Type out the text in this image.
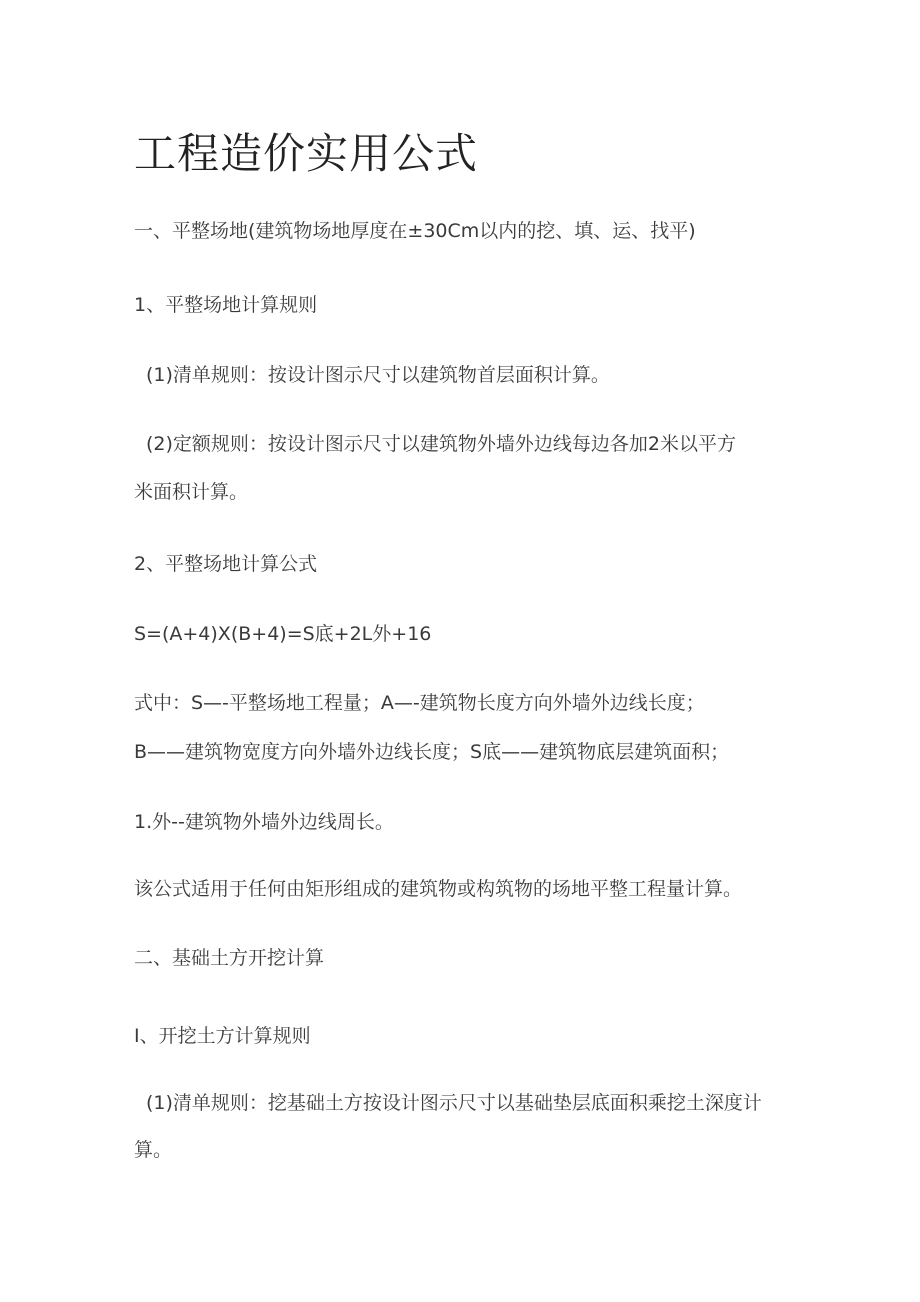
工程造价实用公式
一、平整场地(建筑物场地厚度在±30Cm以内的挖、填、运、找平)
1、平整场地计算规则
(1)清单规则：按设计图示尺寸以建筑物首层面积计算。
(2)定额规则：按设计图示尺寸以建筑物外墙外边线每边各加2米以平方
米面积计算。
2、平整场地计算公式
S=(A+4)X(B+4)=S底+2L外+16
式中：S—-平整场地工程量；A—-建筑物长度方向外墙外边线长度；
B——建筑物宽度方向外墙外边线长度；S底——建筑物底层建筑面积；
1.外--建筑物外墙外边线周长。
该公式适用于任何由矩形组成的建筑物或构筑物的场地平整工程量计算。
二、基础土方开挖计算
I、开挖土方计算规则
(1)清单规则：挖基础土方按设计图示尺寸以基础垫层底面积乘挖土深度计
算。
